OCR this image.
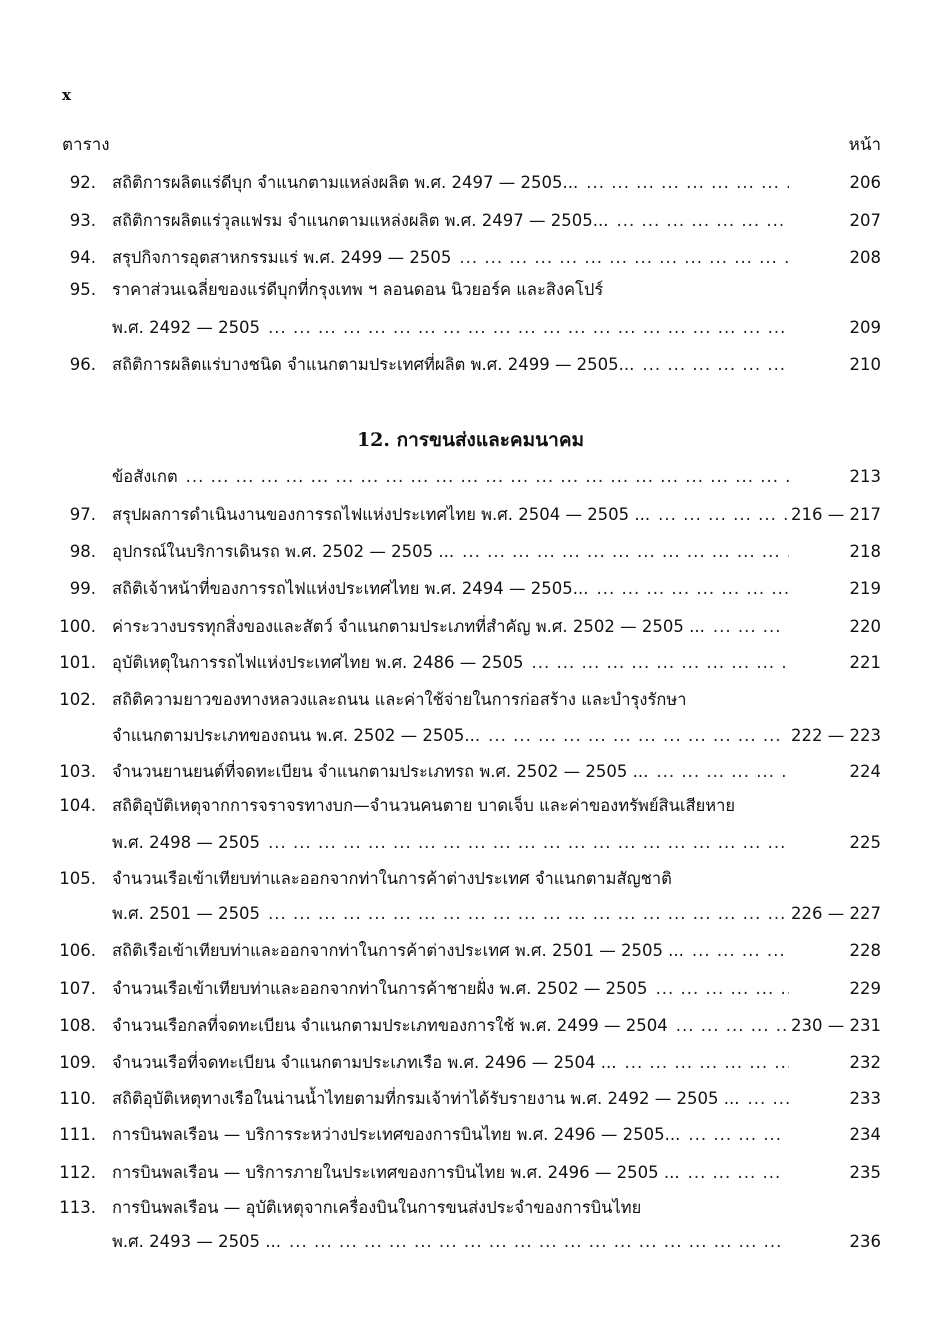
x
ตาราง	หน้า
12. การขนส่งและคมนาคม
92. สถิติการผลิตแร่ดีบุก จำแนกตามแหล่งผลิต พ.ศ. 2497 — 2505... ... .	206
93. สถิติการผลิตแร่วุลแฟรม จำแนกตามแหล่งผลิต พ.ศ. 2497 — 2505... ... .	207
94. สรุปกิจการอุตสาหกรรมแร่ พ.ศ. 2499 — 2505 ... .	208
95. ราคาส่วนเฉลี่ยของแร่ดีบุกที่กรุงเทพ ฯ ลอนดอน นิวยอร์ค และสิงคโปร์
พ.ศ. 2492 — 2505 ... .	209
96. สถิติการผลิตแร่บางชนิด จำแนกตามประเทศที่ผลิต พ.ศ. 2499 — 2505... ... .	210
ข้อสังเกต ... .	213
97. สรุปผลการดำเนินงานของการรถไฟแห่งประเทศไทย พ.ศ. 2504 — 2505 ... ... .	216 — 217
98. อุปกรณ์ในบริการเดินรถ พ.ศ. 2502 — 2505 ... ... .	218
99. สถิติเจ้าหน้าที่ของการรถไฟแห่งประเทศไทย พ.ศ. 2494 — 2505... ... .	219
100. ค่าระวางบรรทุกสิ่งของและสัตว์ จำแนกตามประเภทที่สำคัญ พ.ศ. 2502 — 2505 ... ... .	220
101. อุบัติเหตุในการรถไฟแห่งประเทศไทย พ.ศ. 2486 — 2505 ... .	221
102. สถิติความยาวของทางหลวงและถนน และค่าใช้จ่ายในการก่อสร้าง และบำรุงรักษา
จำแนกตามประเภทของถนน พ.ศ. 2502 — 2505... ... .	222 — 223
103. จำนวนยานยนต์ที่จดทะเบียน จำแนกตามประเภทรถ พ.ศ. 2502 — 2505 ... ... .	224
104. สถิติอุบัติเหตุจากการจราจรทางบก—จำนวนคนตาย บาดเจ็บ และค่าของทรัพย์สินเสียหาย
พ.ศ. 2498 — 2505 ... .	225
105. จำนวนเรือเข้าเทียบท่าและออกจากท่าในการค้าต่างประเทศ จำแนกตามสัญชาติ
พ.ศ. 2501 — 2505 ... .	226 — 227
106. สถิติเรือเข้าเทียบท่าและออกจากท่าในการค้าต่างประเทศ พ.ศ. 2501 — 2505 ... ... .	228
107. จำนวนเรือเข้าเทียบท่าและออกจากท่าในการค้าชายฝั่ง พ.ศ. 2502 — 2505 ... .	229
108. จำนวนเรือกลที่จดทะเบียน จำแนกตามประเภทของการใช้ พ.ศ. 2499 — 2504 ... .	230 — 231
109. จำนวนเรือที่จดทะเบียน จำแนกตามประเภทเรือ พ.ศ. 2496 — 2504 ... ... .	232
110. สถิติอุบัติเหตุทางเรือในน่านน้ำไทยตามที่กรมเจ้าท่าได้รับรายงาน พ.ศ. 2492 — 2505 ... ... .	233
111. การบินพลเรือน — บริการระหว่างประเทศของการบินไทย พ.ศ. 2496 — 2505... ... .	234
112. การบินพลเรือน — บริการภายในประเทศของการบินไทย พ.ศ. 2496 — 2505 ... ... .	235
113. การบินพลเรือน — อุบัติเหตุจากเครื่องบินในการขนส่งประจำของการบินไทย
พ.ศ. 2493 — 2505 ... ... .	236
